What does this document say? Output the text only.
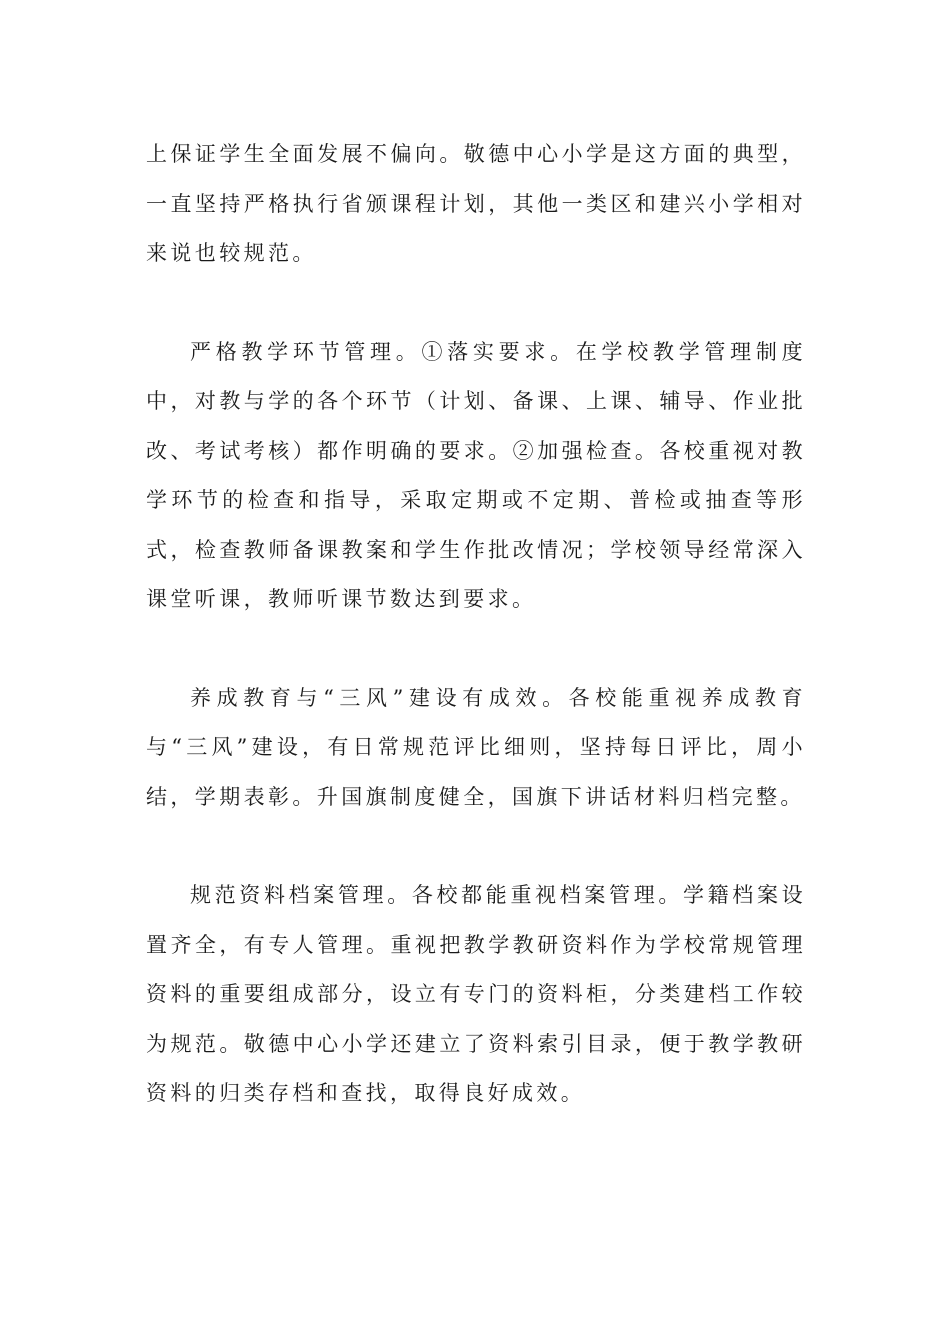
上保证学生全面发展不偏向。敬德中心小学是这方面的典型，一直坚持严格执行省颁课程计划，其他一类区和建兴小学相对来说也较规范。

严格教学环节管理。①落实要求。在学校教学管理制度中，对教与学的各个环节（计划、备课、上课、辅导、作业批改、考试考核）都作明确的要求。②加强检查。各校重视对教学环节的检查和指导，采取定期或不定期、普检或抽查等形式，检查教师备课教案和学生作批改情况；学校领导经常深入课堂听课，教师听课节数达到要求。

养成教育与“三风”建设有成效。各校能重视养成教育与“三风”建设，有日常规范评比细则，坚持每日评比，周小结，学期表彰。升国旗制度健全，国旗下讲话材料归档完整。

规范资料档案管理。各校都能重视档案管理。学籍档案设置齐全，有专人管理。重视把教学教研资料作为学校常规管理资料的重要组成部分，设立有专门的资料柜，分类建档工作较为规范。敬德中心小学还建立了资料索引目录，便于教学教研资料的归类存档和查找，取得良好成效。
